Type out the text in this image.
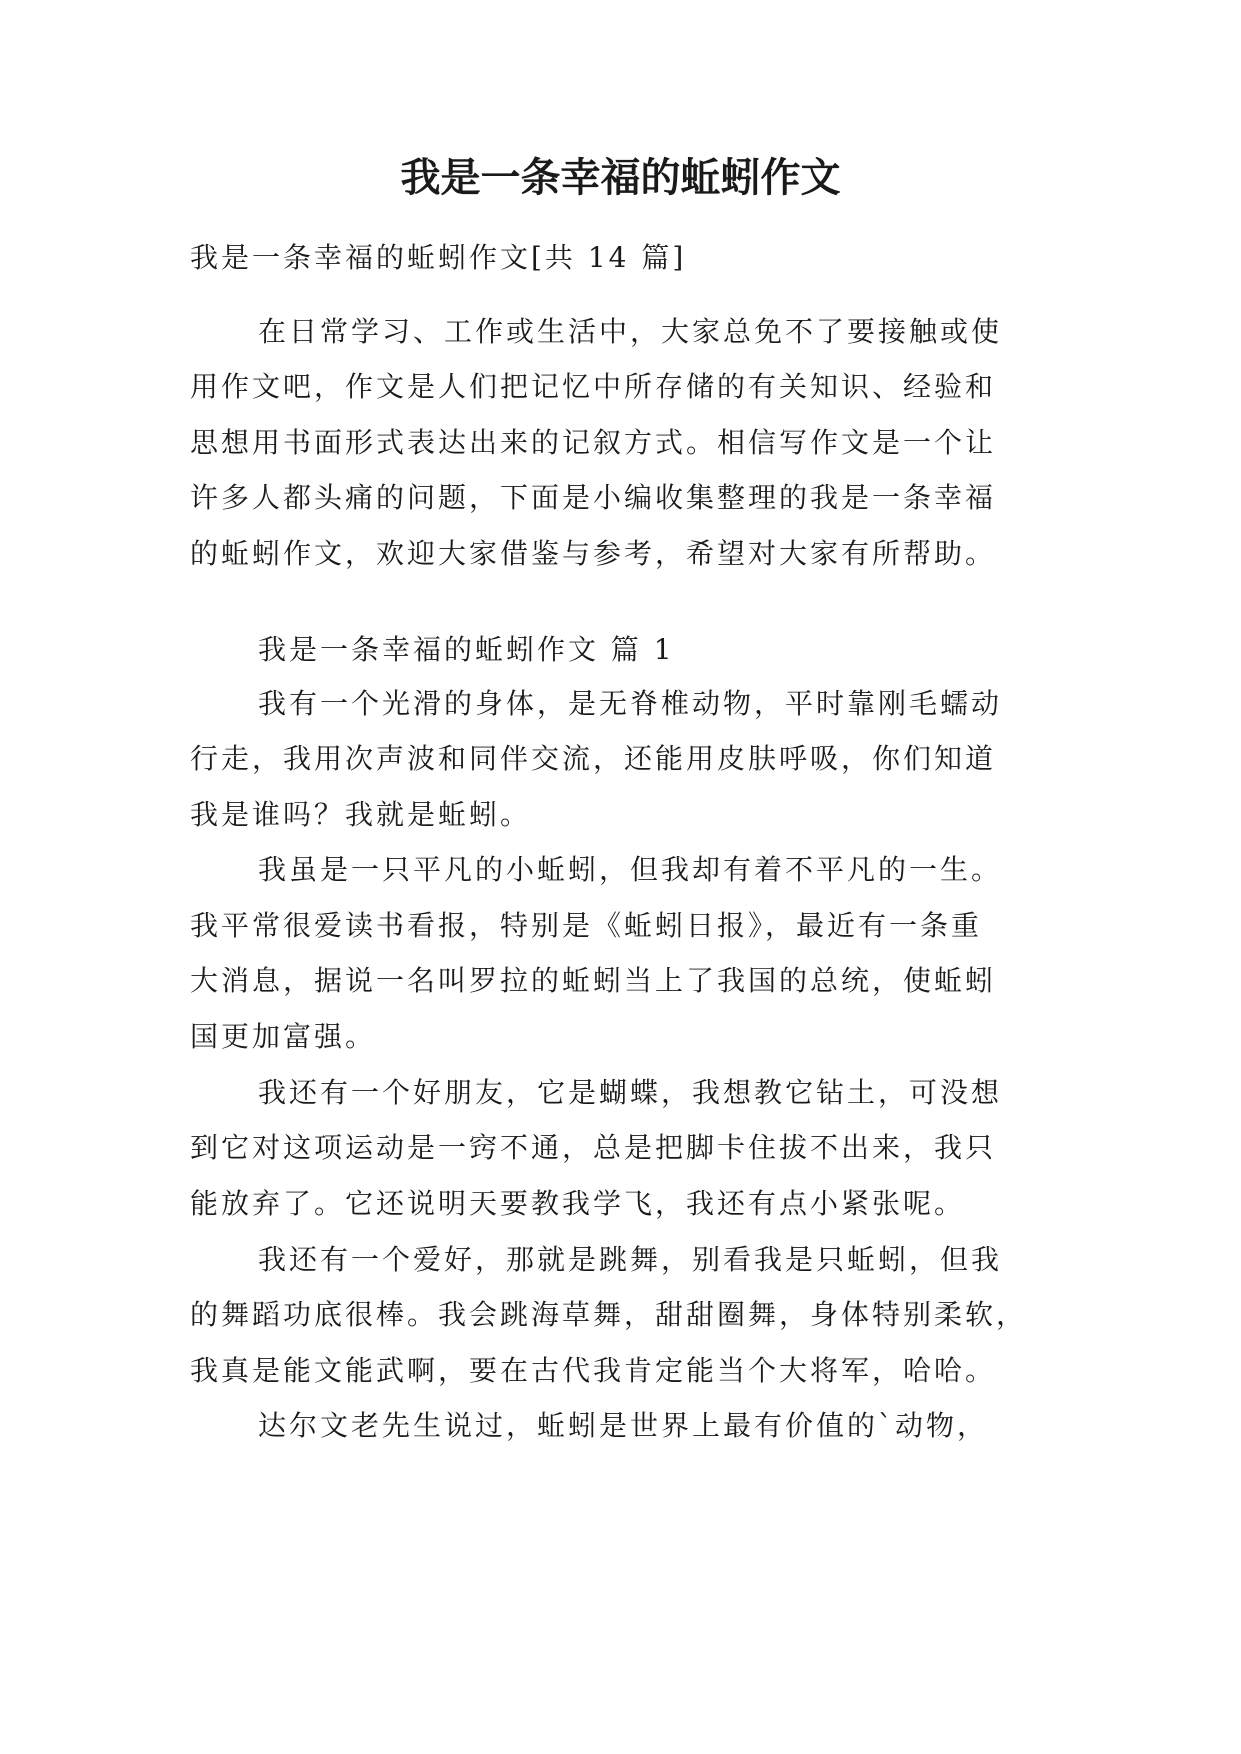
我是一条幸福的蚯蚓作文
我是一条幸福的蚯蚓作文[共 14 篇]
在日常学习、工作或生活中，大家总免不了要接触或使
用作文吧，作文是人们把记忆中所存储的有关知识、经验和
思想用书面形式表达出来的记叙方式。相信写作文是一个让
许多人都头痛的问题，下面是小编收集整理的我是一条幸福
的蚯蚓作文，欢迎大家借鉴与参考，希望对大家有所帮助。
我是一条幸福的蚯蚓作文 篇 1
我有一个光滑的身体，是无脊椎动物，平时靠刚毛蠕动
行走，我用次声波和同伴交流，还能用皮肤呼吸，你们知道
我是谁吗？我就是蚯蚓。
我虽是一只平凡的小蚯蚓，但我却有着不平凡的一生。
我平常很爱读书看报，特别是《蚯蚓日报》，最近有一条重
大消息，据说一名叫罗拉的蚯蚓当上了我国的总统，使蚯蚓
国更加富强。
我还有一个好朋友，它是蝴蝶，我想教它钻土，可没想
到它对这项运动是一窍不通，总是把脚卡住拔不出来，我只
能放弃了。它还说明天要教我学飞，我还有点小紧张呢。
我还有一个爱好，那就是跳舞，别看我是只蚯蚓，但我
的舞蹈功底很棒。我会跳海草舞，甜甜圈舞，身体特别柔软，
我真是能文能武啊，要在古代我肯定能当个大将军，哈哈。
达尔文老先生说过，蚯蚓是世界上最有价值的`动物，
